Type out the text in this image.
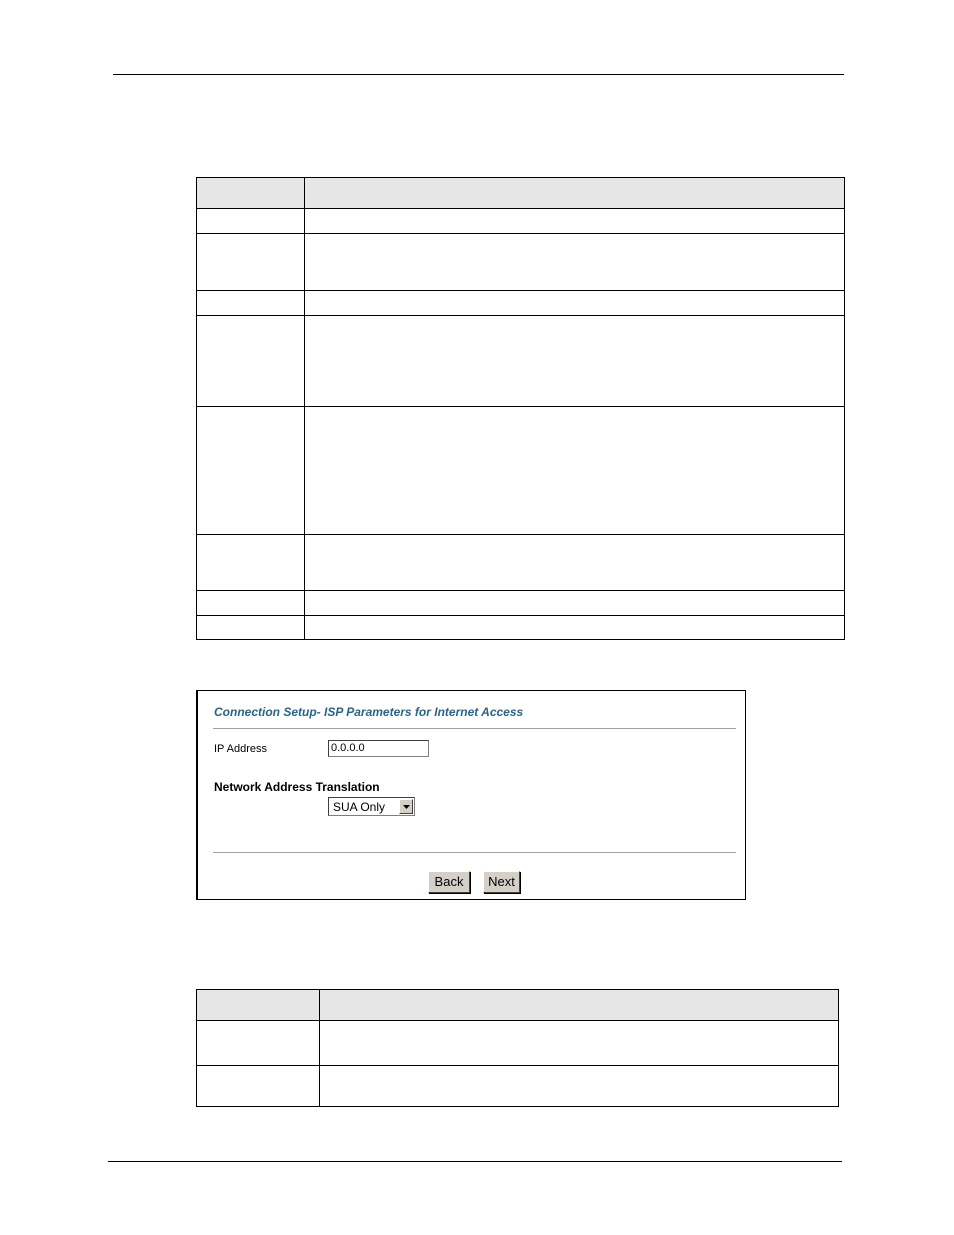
Connection Setup- ISP Parameters for Internet Access
IP Address	0.0.0.0
Network Address Translation
SUA Only
Back	Next
